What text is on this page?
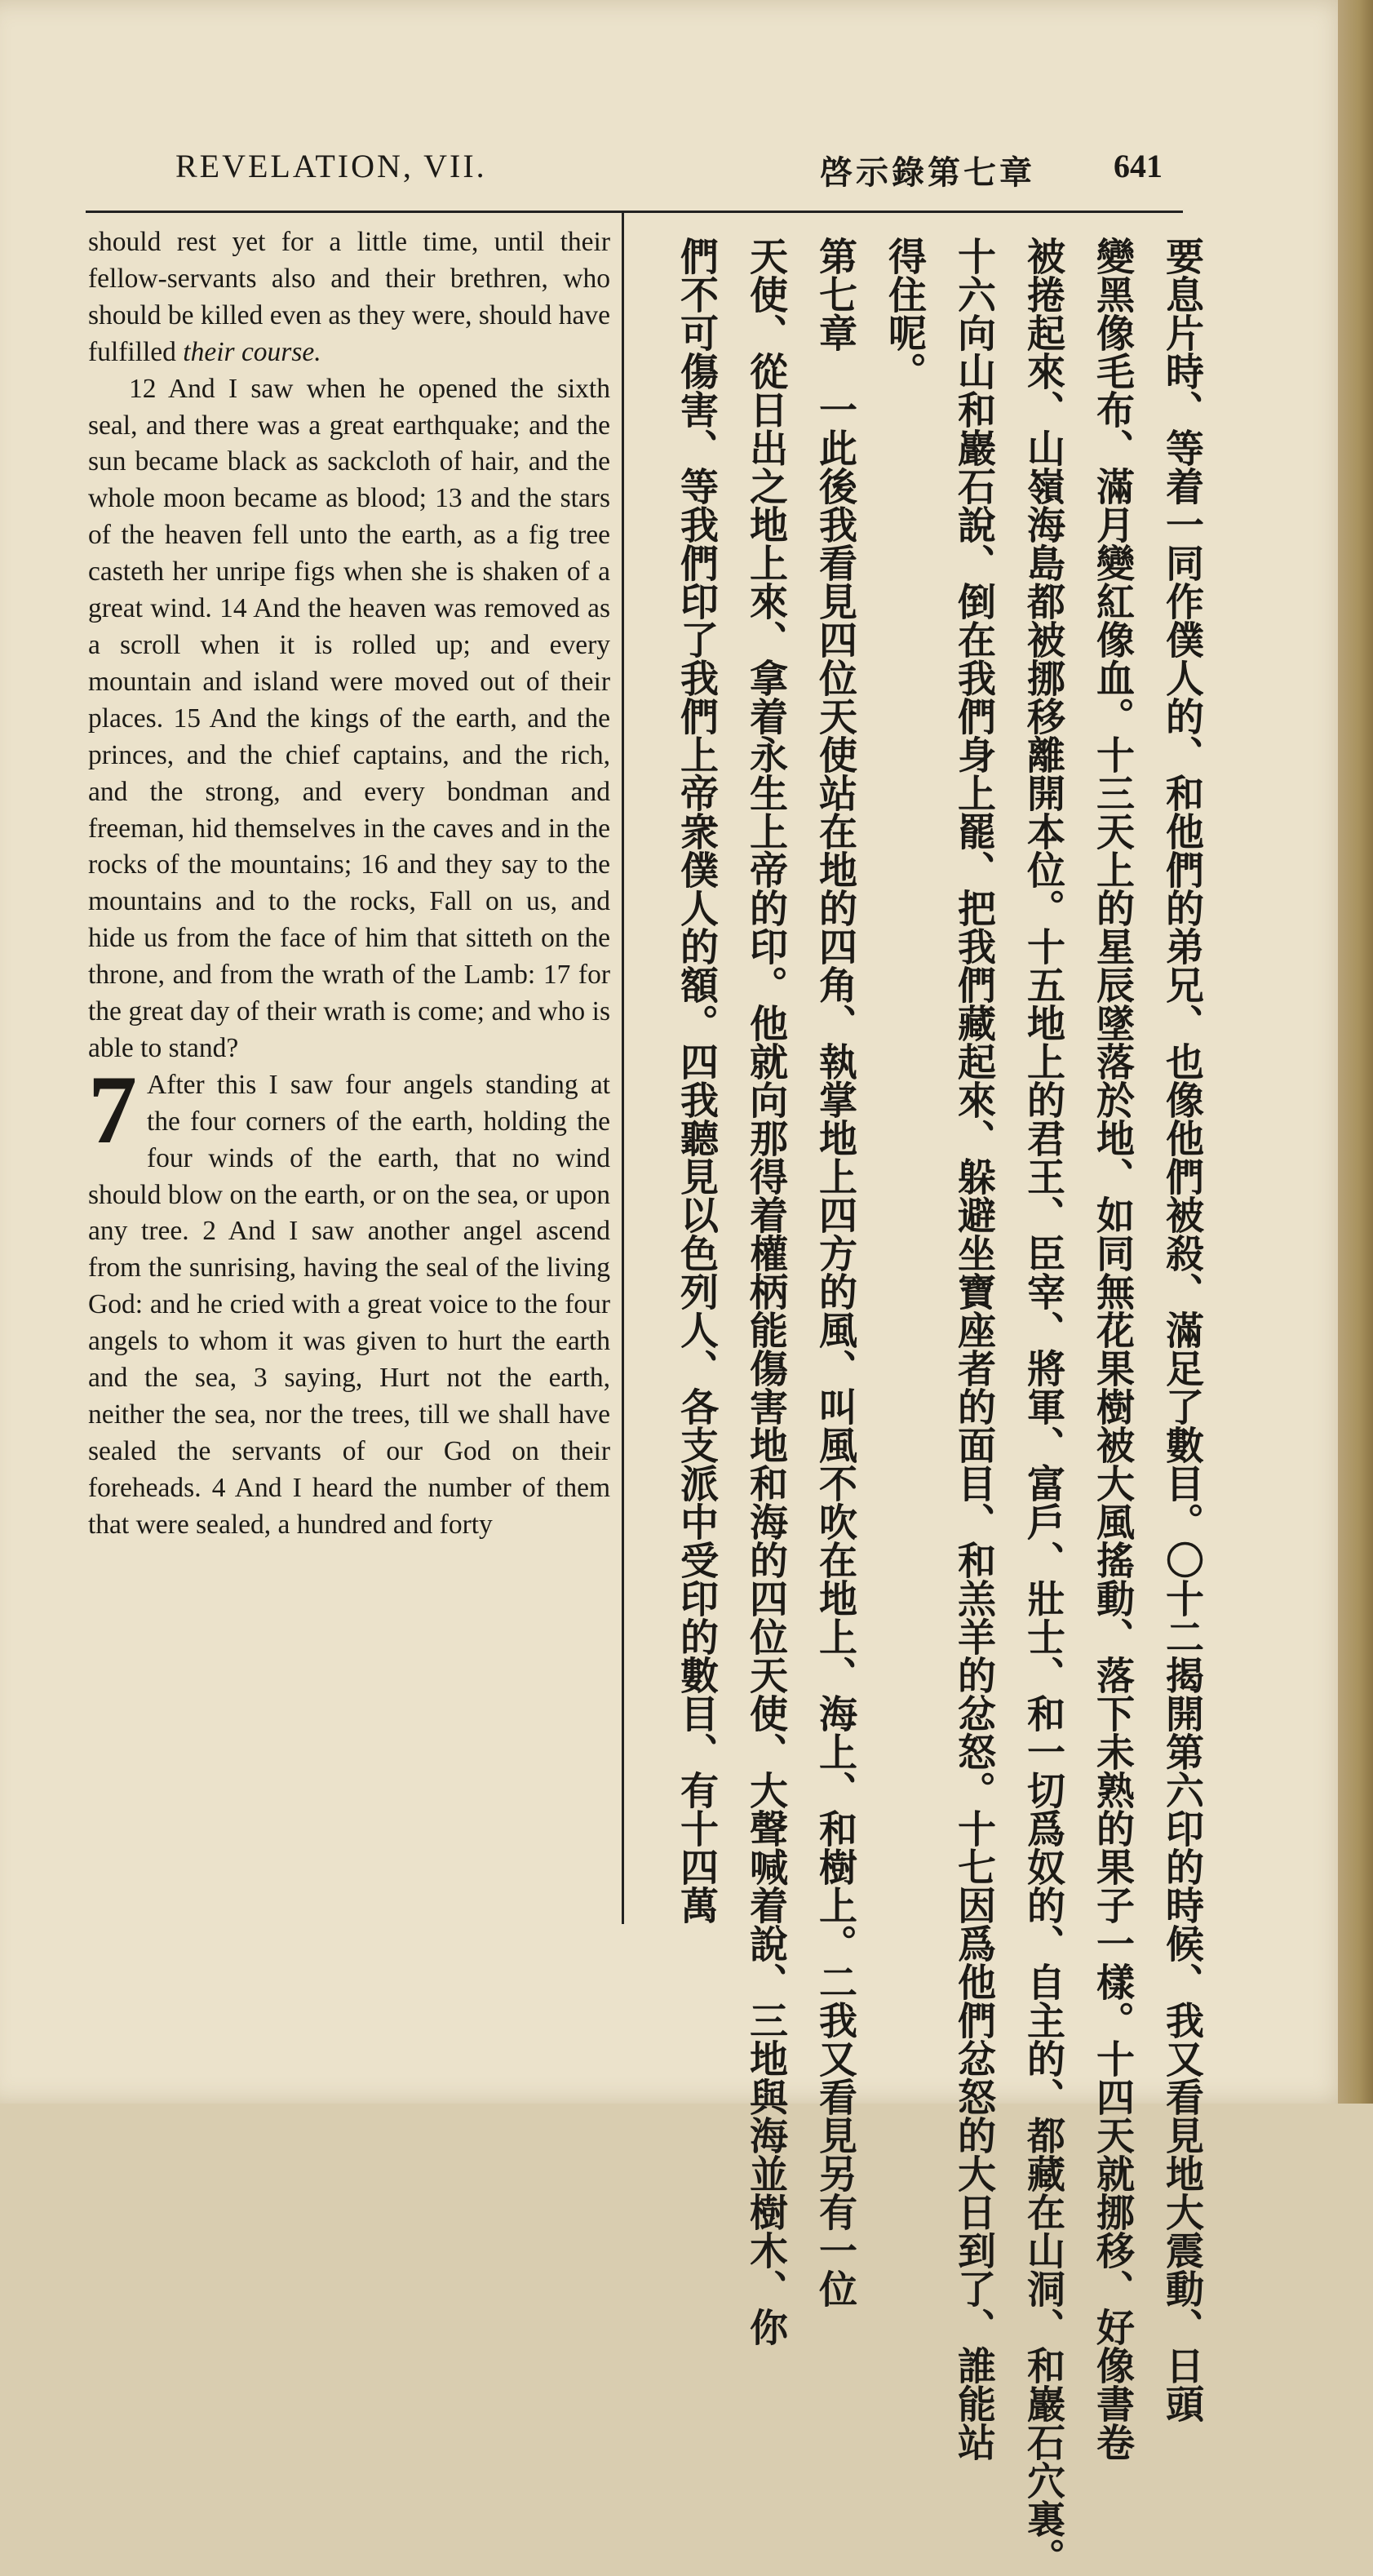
REVELATION, VII.	啓示錄第七章 641

should rest yet for a little time, until their fellow-servants also and their brethren, who should be killed even as they were, should have fulfilled their course.

12 And I saw when he opened the sixth seal, and there was a great earthquake; and the sun became black as sackcloth of hair, and the whole moon became as blood; 13 and the stars of the heaven fell unto the earth, as a fig tree casteth her unripe figs when she is shaken of a great wind. 14 And the heaven was removed as a scroll when it is rolled up; and every mountain and island were moved out of their places. 15 And the kings of the earth, and the princes, and the chief captains, and the rich, and the strong, and every bondman and freeman, hid themselves in the caves and in the rocks of the mountains; 16 and they say to the mountains and to the rocks, Fall on us, and hide us from the face of him that sitteth on the throne, and from the wrath of the Lamb: 17 for the great day of their wrath is come; and who is able to stand?

7 After this I saw four angels standing at the four corners of the earth, holding the four winds of the earth, that no wind should blow on the earth, or on the sea, or upon any tree. 2 And I saw another angel ascend from the sunrising, having the seal of the living God: and he cried with a great voice to the four angels to whom it was given to hurt the earth and the sea, 3 saying, Hurt not the earth, neither the sea, nor the trees, till we shall have sealed the servants of our God on their foreheads. 4 And I heard the number of them that were sealed, a hundred and forty	要息片時、等着一同作僕人的、和他們的弟兄、也像他們被殺、滿足了數目。〇十二揭開第六印的時候、我又看見地大震動、日頭
變黑像毛布、滿月變紅像血。十三天上的星辰墜落於地、如同無花果樹被大風搖動、落下未熟的果子一樣。十四天就挪移、好像書卷
被捲起來、山嶺海島都被挪移離開本位。十五地上的君王、臣宰、將軍、富戶、壯士、和一切爲奴的、自主的、都藏在山洞、和巖石穴裏。
十六向山和巖石說、倒在我們身上罷、把我們藏起來、躲避坐寶座者的面目、和羔羊的忿怒。十七因爲他們忿怒的大日到了、誰能站
得住呢。
第七章　一此後我看見四位天使站在地的四角、執掌地上四方的風、叫風不吹在地上、海上、和樹上。二我又看見另有一位
天使、從日出之地上來、拿着永生上帝的印。他就向那得着權柄能傷害地和海的四位天使、大聲喊着說、三地與海並樹木、你
們不可傷害、等我們印了我們上帝衆僕人的額。四我聽見以色列人、各支派中受印的數目、有十四萬
